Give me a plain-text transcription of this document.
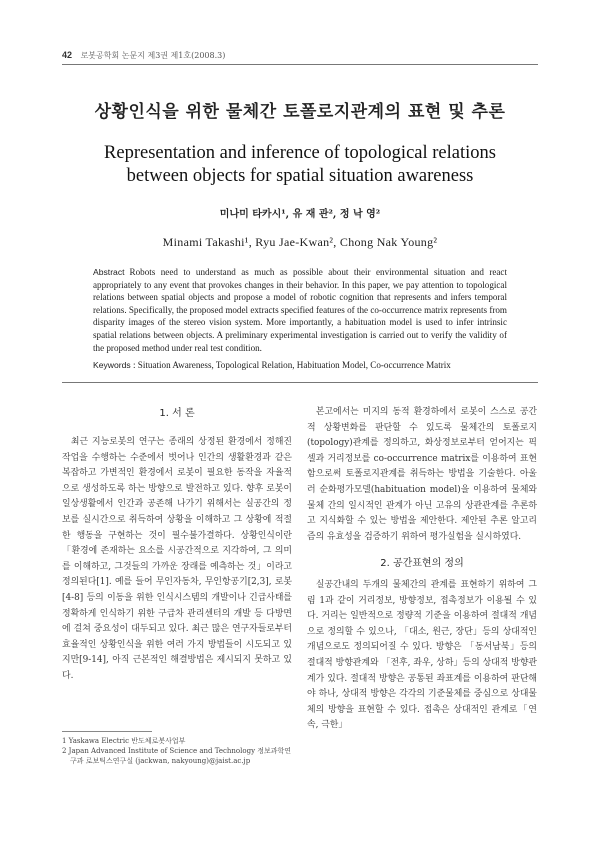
42 로봇공학회 논문지 제3권 제1호(2008.3)
상황인식을 위한 물체간 토폴로지관계의 표현 및 추론
Representation and inference of topological relations
between objects for spatial situation awareness
미나미 타카시¹, 유 재 관², 정 낙 영²
Minami Takashi¹, Ryu Jae-Kwan², Chong Nak Young²
Abstract Robots need to understand as much as possible about their environmental situation and react appropriately to any event that provokes changes in their behavior. In this paper, we pay attention to topological relations between spatial objects and propose a model of robotic cognition that represents and infers temporal relations. Specifically, the proposed model extracts specified features of the co-occurrence matrix represents from disparity images of the stereo vision system. More importantly, a habituation model is used to infer intrinsic spatial relations between objects. A preliminary experimental investigation is carried out to verify the validity of the proposed method under real test condition.
Keywords : Situation Awareness, Topological Relation, Habituation Model, Co-occurrence Matrix
1. 서 론

최근 지능로봇의 연구는 종래의 상정된 환경에서 정해진 작업을 수행하는 수준에서 벗어나 인간의 생활환경과 같은 복잡하고 가변적인 환경에서 로봇이 필요한 동작을 자율적으로 생성하도록 하는 방향으로 발전하고 있다. 향후 로봇이 일상생활에서 인간과 공존해 나가기 위해서는 실공간의 정보를 실시간으로 취득하여 상황을 이해하고 그 상황에 적절한 행동을 구현하는 것이 필수불가결하다. 상황인식이란 「환경에 존재하는 요소를 시공간적으로 지각하여, 그 의미를 이해하고, 그것들의 가까운 장래를 예측하는 것」이라고 정의된다[1]. 예를 들어 무인자동차, 무인항공기[2,3], 로봇 [4-8] 등의 이동을 위한 인식시스템의 개발이나 긴급사태를 정확하게 인식하기 위한 구급차 관리센터의 개발 등 다방면에 걸쳐 중요성이 대두되고 있다. 최근 많은 연구자들로부터 효율적인 상황인식을 위한 여러 가지 방법들이 시도되고 있지만[9-14], 아직 근본적인 해결방법은 제시되지 못하고 있다.

본고에서는 미지의 동적 환경하에서 로봇이 스스로 공간적 상황변화를 판단할 수 있도록 물체간의 토폴로지(topology)관계를 정의하고, 화상정보로부터 얻어지는 픽셀과 거리정보를 co-occurrence matrix를 이용하여 표현함으로써 토폴로지관계를 취득하는 방법을 기술한다. 아울러 순화평가모델(habituation model)을 이용하여 물체와 물체 간의 일시적인 관계가 아닌 고유의 상관관계를 추론하고 지식화할 수 있는 방법을 제안한다. 제안된 추론 알고리즘의 유효성을 검증하기 위하여 평가실험을 실시하였다.

2. 공간표현의 정의

실공간내의 두개의 물체간의 관계를 표현하기 위하여 그림 1과 같이 거리정보, 방향정보, 접촉정보가 이용될 수 있다. 거리는 일반적으로 정량적 기준을 이용하여 절대적 개념으로 정의할 수 있으나, 「대소, 원근, 장단」등의 상대적인 개념으로도 정의되어질 수 있다. 방향은 「동서남북」등의 절대적 방향관계와 「전후, 좌우, 상하」등의 상대적 방향관계가 있다. 절대적 방향은 공통된 좌표계를 이용하여 판단해야 하나, 상대적 방향은 각각의 기준물체를 중심으로 상대물체의 방향을 표현할 수 있다. 접촉은 상대적인 관계로「연속, 극한」

1 Yaskawa Electric 반도체로봇사업부
2 Japan Advanced Institute of Science and Technology 정보과학연구과 로보틱스연구실 (jackwan, nakyoung)@jaist.ac.jp
